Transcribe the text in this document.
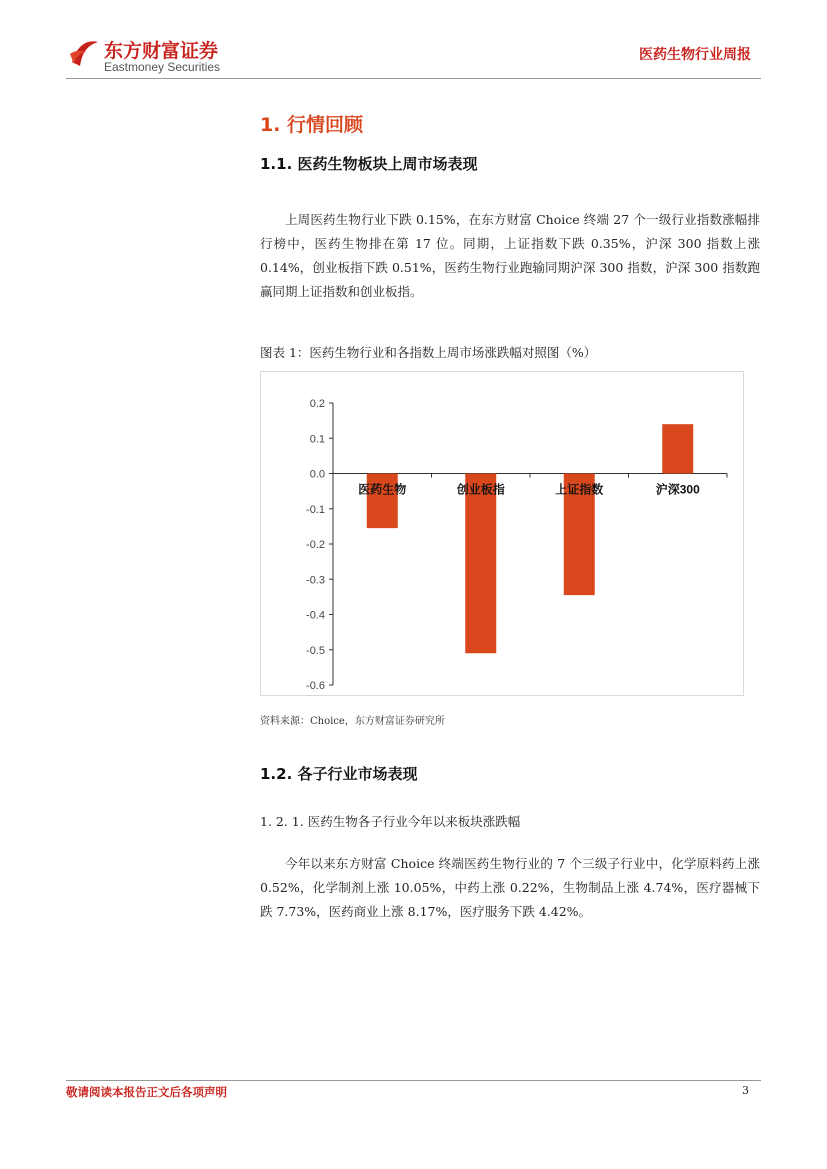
东方财富证券
Eastmoney Securities
医药生物行业周报
1. 行情回顾
1.1. 医药生物板块上周市场表现
上周医药生物行业下跌 0.15%，在东方财富 Choice 终端 27 个一级行业指数涨幅排行榜中，医药生物排在第 17 位。同期，上证指数下跌 0.35%，沪深 300 指数上涨 0.14%，创业板指下跌 0.51%，医药生物行业跑输同期沪深 300 指数，沪深 300 指数跑赢同期上证指数和创业板指。
图表 1：医药生物行业和各指数上周市场涨跌幅对照图（%）
0.2
0.1
0.0
-0.1
-0.2
-0.3
-0.4
-0.5
-0.6
医药生物	创业板指	上证指数	沪深300
资料来源：Choice，东方财富证券研究所
1.2. 各子行业市场表现
1. 2. 1. 医药生物各子行业今年以来板块涨跌幅
今年以来东方财富 Choice 终端医药生物行业的 7 个三级子行业中，化学原料药上涨 0.52%，化学制剂上涨 10.05%，中药上涨 0.22%，生物制品上涨 4.74%，医疗器械下跌 7.73%，医药商业上涨 8.17%，医疗服务下跌 4.42%。
敬请阅读本报告正文后各项声明	3
